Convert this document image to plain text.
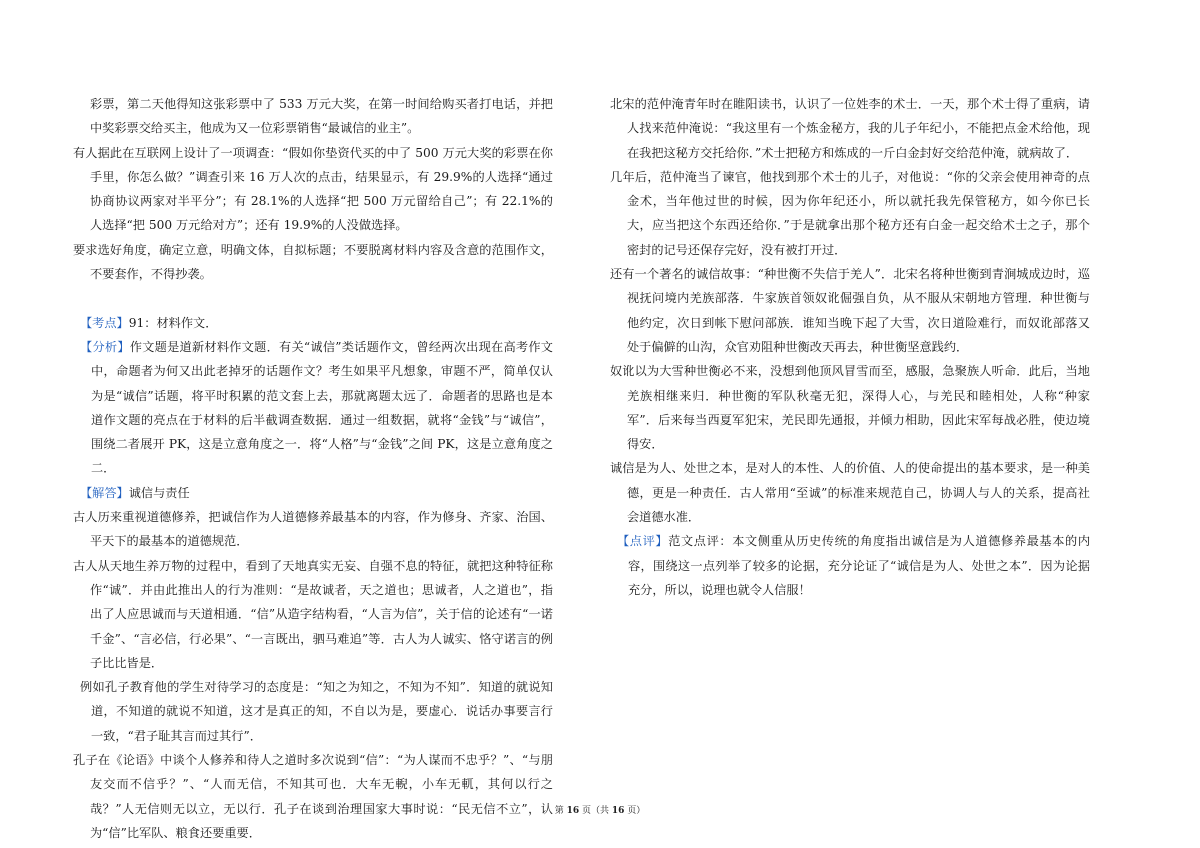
彩票，第二天他得知这张彩票中了 533 万元大奖，在第一时间给购买者打电话，并把中奖彩票交给买主，他成为又一位彩票销售“最诚信的业主”。

有人据此在互联网上设计了一项调查：“假如你垫资代买的中了 500 万元大奖的彩票在你手里，你怎么做？”调查引来 16 万人次的点击，结果显示，有 29.9%的人选择“通过协商协议两家对半平分”；有 28.1%的人选择“把 500 万元留给自己”；有 22.1%的人选择“把 500 万元给对方”；还有 19.9%的人没做选择。

要求选好角度，确定立意，明确文体，自拟标题；不要脱离材料内容及含意的范围作文，不要套作，不得抄袭。

【考点】91：材料作文．

【分析】作文题是道新材料作文题．有关“诚信”类话题作文，曾经两次出现在高考作文中，命题者为何又出此老掉牙的话题作文？考生如果平凡想象，审题不严，简单仅认为是“诚信”话题，将平时积累的范文套上去，那就离题太远了．命题者的思路也是本道作文题的亮点在于材料的后半截调查数据．通过一组数据，就将“金钱”与“诚信”，围绕二者展开 PK，这是立意角度之一．将“人格”与“金钱”之间 PK，这是立意角度之二．

【解答】诚信与责任

古人历来重视道德修养，把诚信作为人道德修养最基本的内容，作为修身、齐家、治国、平天下的最基本的道德规范．

古人从天地生养万物的过程中，看到了天地真实无妄、自强不息的特征，就把这种特征称作“诚”．并由此推出人的行为准则：“是故诚者，天之道也；思诚者，人之道也”，指出了人应思诚而与天道相通．“信”从造字结构看，“人言为信”，关于信的论述有“一诺千金”、“言必信，行必果”、“一言既出，驷马难追”等．古人为人诚实、恪守诺言的例子比比皆是．

例如孔子教育他的学生对待学习的态度是：“知之为知之，不知为不知”．知道的就说知道，不知道的就说不知道，这才是真正的知，不自以为是，要虚心．说话办事要言行一致，“君子耻其言而过其行”．

孔子在《论语》中谈个人修养和待人之道时多次说到“信”：“为人谋而不忠乎？”、“与朋友交而不信乎？”、“人而无信，不知其可也．大车无輗，小车无軏，其何以行之哉？”人无信则无以立，无以行．孔子在谈到治理国家大事时说：“民无信不立”，认为“信”比军队、粮食还要重要．

北宋的范仲淹青年时在睢阳读书，认识了一位姓李的术士．一天，那个术士得了重病，请人找来范仲淹说：“我这里有一个炼金秘方，我的儿子年纪小，不能把点金术给他，现在我把这秘方交托给你．”术士把秘方和炼成的一斤白金封好交给范仲淹，就病故了．

几年后，范仲淹当了谏官，他找到那个术士的儿子，对他说：“你的父亲会使用神奇的点金术，当年他过世的时候，因为你年纪还小，所以就托我先保管秘方，如今你已长大，应当把这个东西还给你．”于是就拿出那个秘方还有白金一起交给术士之子，那个密封的记号还保存完好，没有被打开过．

还有一个著名的诚信故事：“种世衡不失信于羌人”．北宋名将种世衡到青涧城成边时，巡视抚问境内羌族部落．牛家族首领奴讹倔强自负，从不服从宋朝地方管理．种世衡与他约定，次日到帐下慰问部族．谁知当晚下起了大雪，次日道险难行，而奴讹部落又处于偏僻的山沟，众官劝阻种世衡改天再去，种世衡坚意践约．

奴讹以为大雪种世衡必不来，没想到他顶风冒雪而至，感服，急聚族人听命．此后，当地羌族相继来归．种世衡的军队秋毫无犯，深得人心，与羌民和睦相处，人称“种家军”．后来每当西夏军犯宋，羌民即先通报，并倾力相助，因此宋军每战必胜，使边境得安．

诚信是为人、处世之本，是对人的本性、人的价值、人的使命提出的基本要求，是一种美德，更是一种责任．古人常用“至诚”的标准来规范自己，协调人与人的关系，提高社会道德水准．

【点评】范文点评：本文侧重从历史传统的角度指出诚信是为人道德修养最基本的内容，围绕这一点列举了较多的论据，充分论证了“诚信是为人、处世之本”．因为论据充分，所以，说理也就令人信服！

第 16 页（共 16 页）
